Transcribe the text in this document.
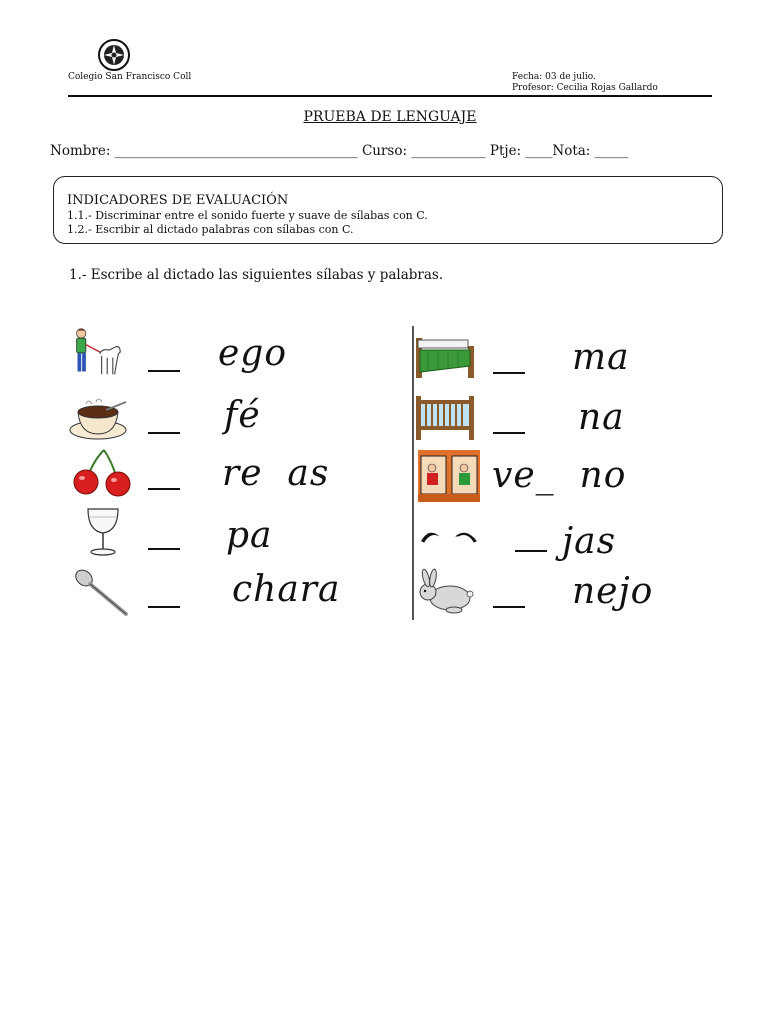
Colegio San Francisco Coll	Fecha: 03 de julio.
Profesor: Cecilia Rojas Gallardo
PRUEBA DE LENGUAJE
Nombre: ____________________________________ Curso: ___________ Ptje: ____Nota: _____
INDICADORES DE EVALUACIÓN
1.1.- Discriminar entre el sonido fuerte y suave de sílabas con C.
1.2.- Escribir al dictado palabras con sílabas con C.
1.- Escribe al dictado las siguientes sílabas y palabras.
ego
fé
re  as
pa
chara
ma
na
ve_  no
jas
nejo
